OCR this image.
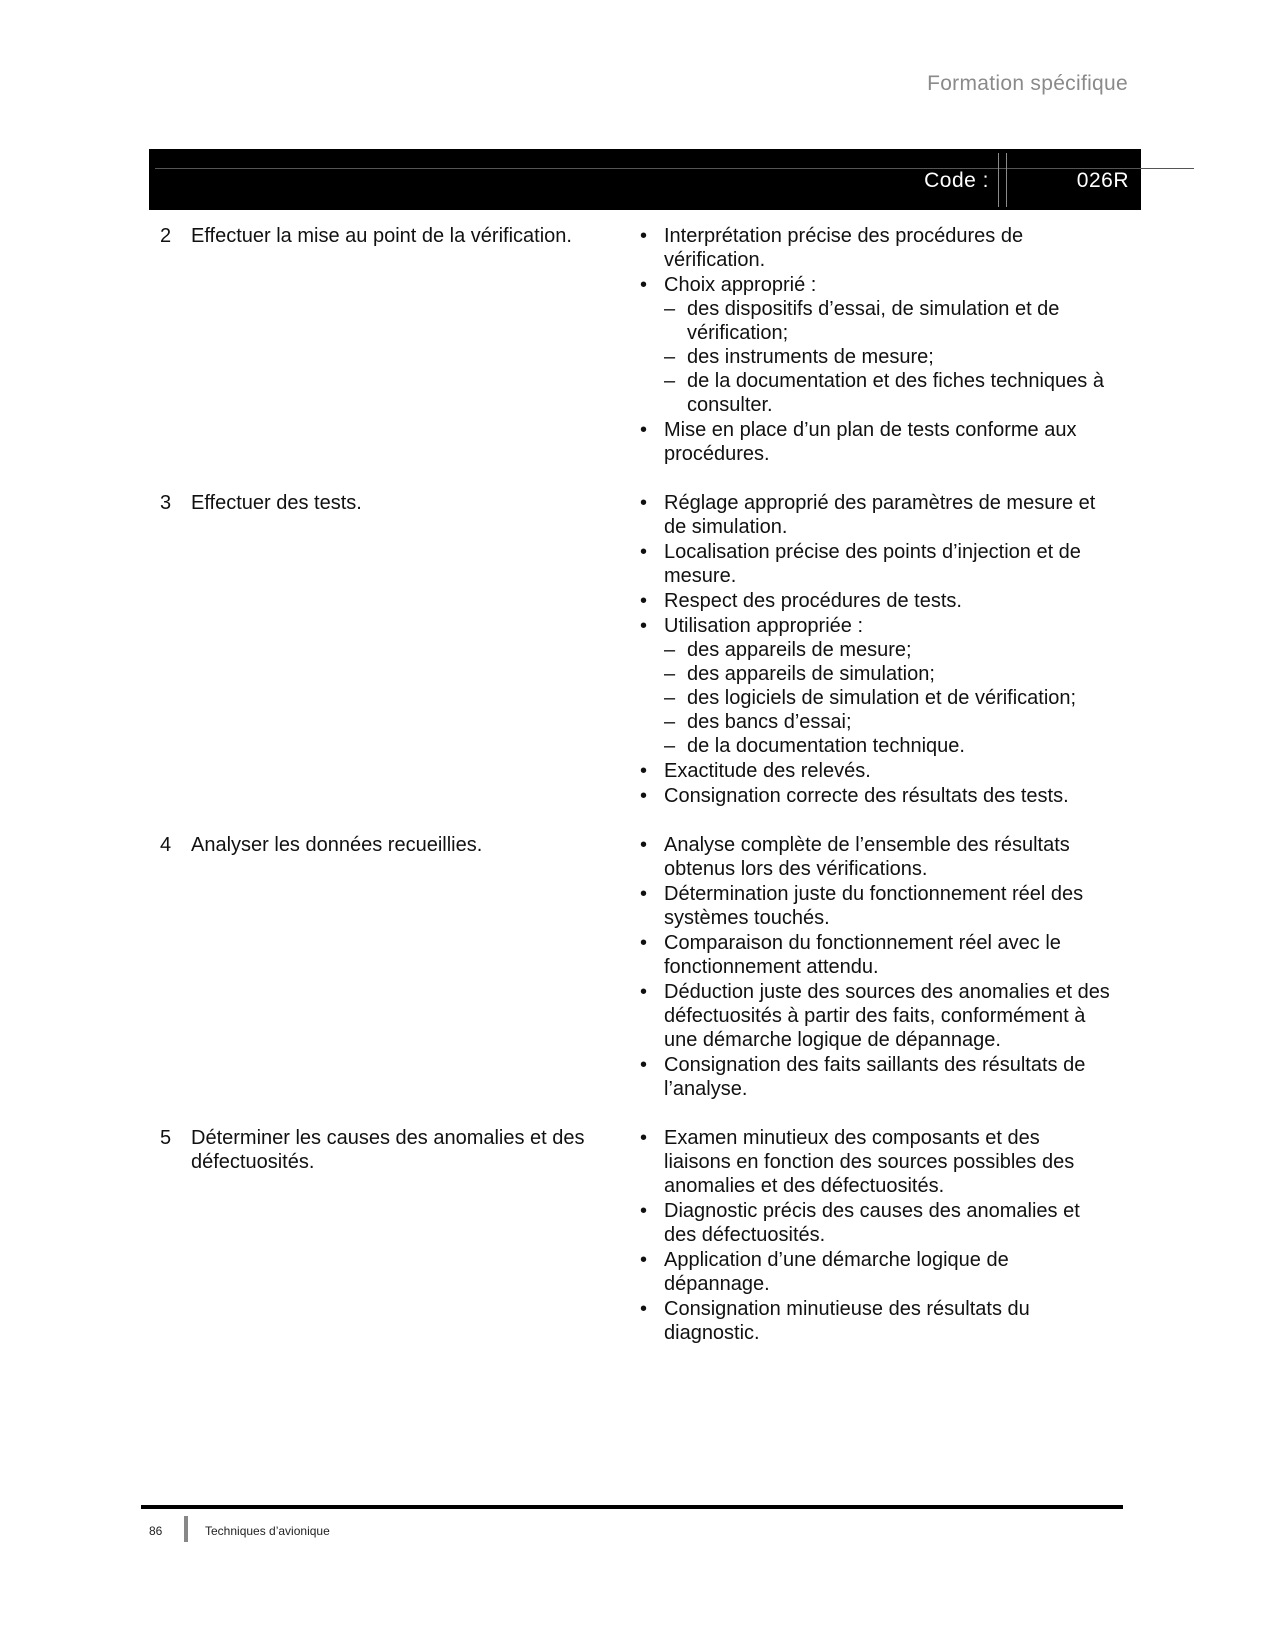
Formation spécifique
Code :	026R
2 Effectuer la mise au point de la vérification.	• Interprétation précise des procédures de vérification.
• Choix approprié :
– des dispositifs d’essai, de simulation et de vérification;
– des instruments de mesure;
– de la documentation et des fiches techniques à consulter.
• Mise en place d’un plan de tests conforme aux procédures.
3 Effectuer des tests.	• Réglage approprié des paramètres de mesure et de simulation.
• Localisation précise des points d’injection et de mesure.
• Respect des procédures de tests.
• Utilisation appropriée :
– des appareils de mesure;
– des appareils de simulation;
– des logiciels de simulation et de vérification;
– des bancs d’essai;
– de la documentation technique.
• Exactitude des relevés.
• Consignation correcte des résultats des tests.
4 Analyser les données recueillies.	• Analyse complète de l’ensemble des résultats obtenus lors des vérifications.
• Détermination juste du fonctionnement réel des systèmes touchés.
• Comparaison du fonctionnement réel avec le fonctionnement attendu.
• Déduction juste des sources des anomalies et des défectuosités à partir des faits, conformément à une démarche logique de dépannage.
• Consignation des faits saillants des résultats de l’analyse.
5 Déterminer les causes des anomalies et des défectuosités.
• Examen minutieux des composants et des liaisons en fonction des sources possibles des anomalies et des défectuosités.
• Diagnostic précis des causes des anomalies et des défectuosités.
• Application d’une démarche logique de dépannage.
• Consignation minutieuse des résultats du diagnostic.
86	Techniques d’avionique
